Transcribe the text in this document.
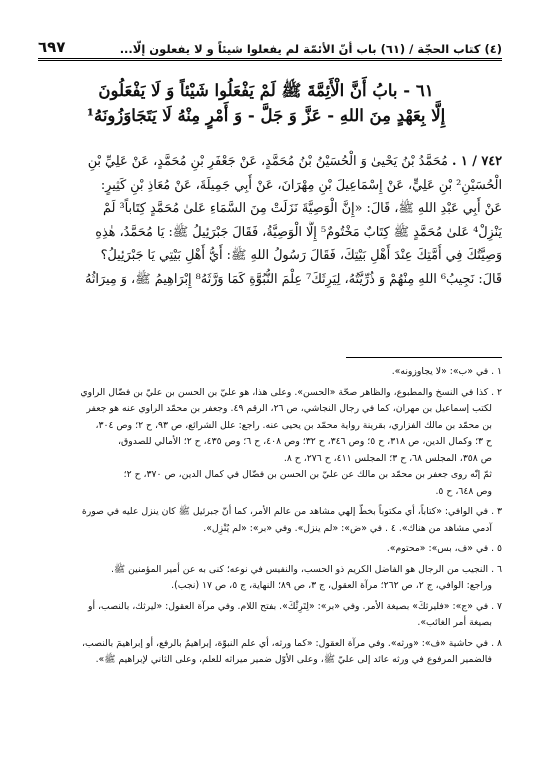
(٤) كتاب الحجّة / (٦١) باب أنّ الأئمّة لم يفعلوا شيئاً و لا يفعلون إلّا...
٦٩٧
٦١ - بابُ أَنَّ الْأَئِمَّةَ ﷺ لَمْ يَفْعَلُوا شَيْئاً وَ لَا يَفْعَلُونَ
إِلَّا بِعَهْدٍ مِنَ اللهِ - عَزَّ وَ جَلَّ - وَ أَمْرٍ مِنْهُ لَا يَتَجَاوَزُونَهُ¹
٧٤٢ / ١ . مُحَمَّدُ بْنُ يَحْيىٰ وَ الْحُسَيْنُ بْنُ مُحَمَّدٍ، عَنْ جَعْفَرِ بْنِ مُحَمَّدٍ، عَنْ عَلِيِّ بْنِ
الْحُسَيْنِ² بْنِ عَلِيٍّ، عَنْ إِسْمَاعِيلَ بْنِ مِهْرَانَ، عَنْ أَبِي جَمِيلَةَ، عَنْ مُعَاذِ بْنِ كَثِيرٍ:
عَنْ أَبِي عَبْدِ اللهِ ﷺ، قَالَ: «إِنَّ الْوَصِيَّةَ نَزَلَتْ مِنَ السَّمَاءِ عَلىٰ مُحَمَّدٍ كِتَاباً³ لَمْ
يَنْزِلْ⁴ عَلىٰ مُحَمَّدٍ ﷺ كِتَابٌ مَخْتُومٌ⁵ إِلَّا الْوَصِيَّةُ، فَقَالَ جَبْرَئِيلُ ﷺ: يَا مُحَمَّدُ، هٰذِهِ
وَصِيَّتُكَ فِي أُمَّتِكَ عِنْدَ أَهْلِ بَيْتِكَ، فَقَالَ رَسُولُ اللهِ ﷺ: أَيُّ أَهْلِ بَيْتِي يَا جَبْرَئِيلُ؟
قَالَ: نَجِيبُ⁶ اللهِ مِنْهُمْ وَ ذُرِّيَّتُهُ، لِيَرِثَكَ⁷ عِلْمَ النُّبُوَّةِ كَمَا وَرَّثَهُ⁸ إِبْرَاهِيمُ ﷺ، وَ مِيرَاثُهُ
١ . في «ب»: «لا يجاوزونه».
٢ . كذا في النسخ والمطبوع، والظاهر صحّة «الحسن». وعلى هذا، هو عليّ بن الحسن بن عليّ بن فضّال الراوي
لكتب إسماعيل بن مهران، كما في رجال النجاشي، ص ٢٦، الرقم ٤٩. وجعفر بن محمّد الراوي عنه هو جعفر
بن محمّد بن مالك الفزاري، بقرينة رواية محمّد بن يحيى عنه. راجع: علل الشرائع، ص ٩٣، ح ٢؛ وص ٣٠٤،
ح ٣؛ وكمال الدين، ص ٣١٨، ح ٥؛ وص ٣٤٦، ح ٣٢؛ وص ٤٠٨، ح ٦؛ وص ٤٣٥، ح ٢؛ الأمالي للصدوق،
ص ٣٥٨، المجلس ٦٨، ح ٣؛ المجلس ٤١١، ح ٢٧٦، ح ٨.
ثمّ إنّه روى جعفر بن محمّد بن مالك عن عليّ بن الحسن بن فضّال في كمال الدين، ص ٣٧٠، ح ٢؛
وص ٦٤٨، ح ٥.
٣ . في الوافي: «كتاباً، أي مكتوباً بخطّ إلهي مشاهد من عالم الأمر، كما أنّ جبرئيل ﷺ كان ينزل عليه في صورة
آدمي مشاهد من هناك». ٤ . في «ض»: «لم ينزل». وفي «بر»: «لم يُنْزِل».
٥ . في «ف، بس»: «محتوم».
٦ . النجيب من الرجال هو الفاضل الكريم ذو الحسب، والنفيس في نوعه؛ كنى به عن أمير المؤمنين ﷺ.
وراجع: الوافي، ج ٢، ص ٢٦٢؛ مرآة العقول، ج ٣، ص ٨٩؛ النهاية، ج ٥، ص ١٧ (نجب).
٧ . في «ج»: «فليرثكَ» بصيغة الأمر. وفي «بر»: «لِتَرِثْكَ». بفتح اللام. وفي مرآة العقول: «ليرثك، بالنصب، أو
بصيغة أمر الغائب».
٨ . في حاشية «ف»: «ورثه». وفي مرآة العقول: «كما ورثه، أي علم النبوّة، إبراهيمُ بالرفع، أو إبراهيمَ بالنصب،
فالضمير المرفوع في ورثه عائد إلى عليّ ﷺ، وعلى الأوّل ضمير ميراثه للعلم، وعلى الثاني لإبراهيم ﷺ».
